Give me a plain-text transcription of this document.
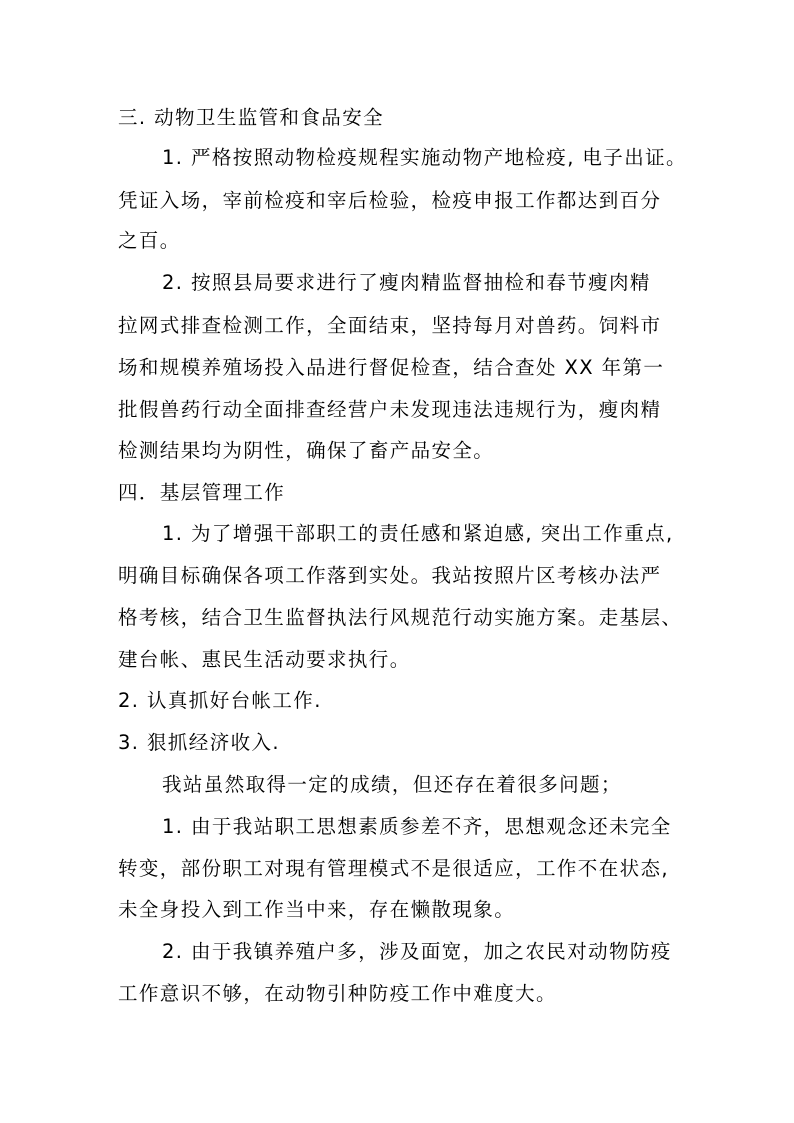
三. 动物卫生监管和食品安全
1. 严格按照动物检疫规程实施动物产地检疫, 电子出证。
凭证入场，宰前检疫和宰后检验，检疫申报工作都达到百分
之百。
2. 按照县局要求进行了瘦肉精监督抽检和春节瘦肉精
拉网式排查检测工作，全面结束，坚持每月对兽药。饲料市
场和规模养殖场投入品进行督促检查，结合查处 XX 年第一
批假兽药行动全面排查经营户未发现违法违规行为，瘦肉精
检测结果均为阴性，确保了畜产品安全。
四．基层管理工作
1. 为了增强干部职工的责任感和紧迫感, 突出工作重点,
明确目标确保各项工作落到实处。我站按照片区考核办法严
格考核，结合卫生监督执法行风规范行动实施方案。走基层、
建台帐、惠民生活动要求执行。
2. 认真抓好台帐工作.
3. 狠抓经济收入.
我站虽然取得一定的成绩，但还存在着很多问题；
1. 由于我站职工思想素质参差不齐，思想观念还未完全
转变，部份职工对現有管理模式不是很适应，工作不在状态,
未全身投入到工作当中来，存在懒散現象。
2. 由于我镇养殖户多，涉及面宽，加之农民对动物防疫
工作意识不够，在动物引种防疫工作中难度大。
